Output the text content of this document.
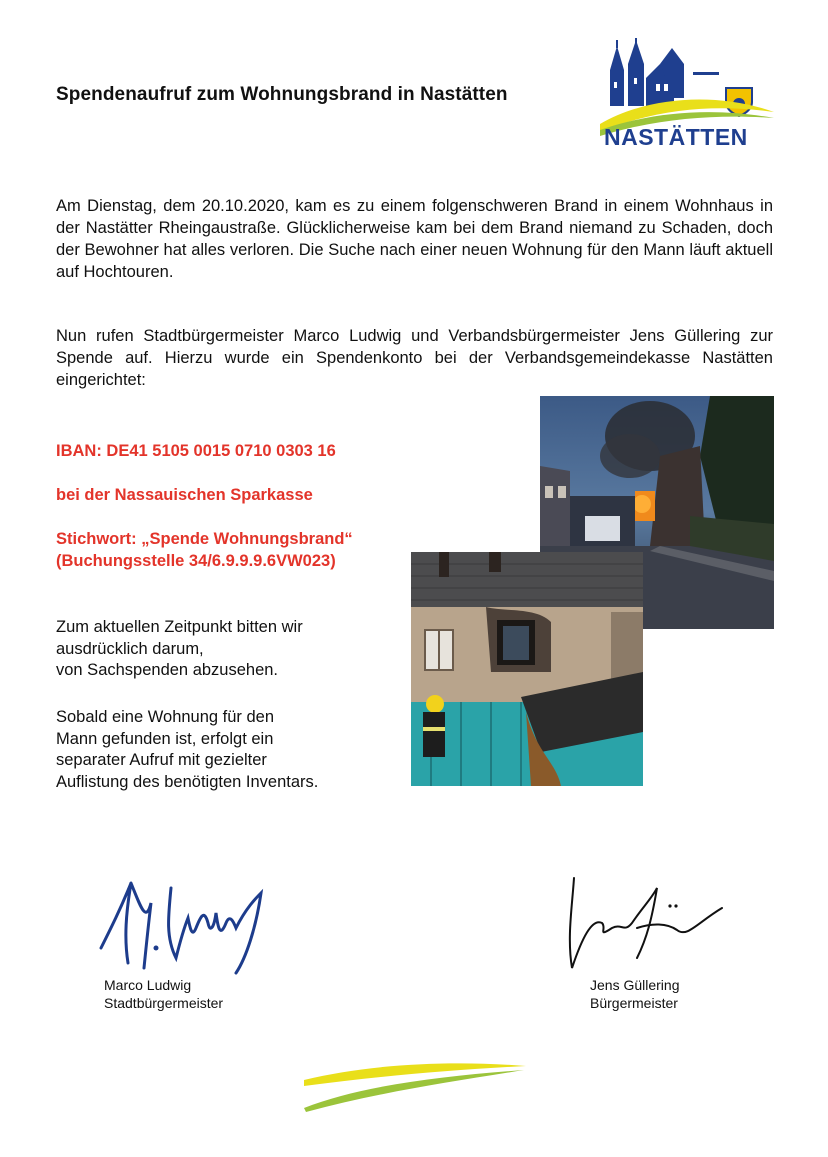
Spendenaufruf zum Wohnungsbrand in Nastätten
NASTÄTTEN
Am Dienstag, dem 20.10.2020, kam es zu einem folgenschweren Brand in einem Wohnhaus in der Nastätter Rheingaustraße. Glücklicherweise kam bei dem Brand niemand zu Schaden, doch der Bewohner hat alles verloren. Die Suche nach einer neuen Wohnung für den Mann läuft aktuell auf Hochtouren.
Nun rufen Stadtbürgermeister Marco Ludwig und Verbandsbürgermeister Jens Güllering zur Spende auf. Hierzu wurde ein Spendenkonto bei der Verbandsgemeindekasse Nastätten eingerichtet:
IBAN: DE41 5105 0015 0710 0303 16
bei der Nassauischen Sparkasse
Stichwort: „Spende Wohnungsbrand“
(Buchungsstelle 34/6.9.9.9.6VW023)
Zum aktuellen Zeitpunkt bitten wir
ausdrücklich darum,
von Sachspenden abzusehen.
Sobald eine Wohnung für den
Mann gefunden ist, erfolgt ein
separater Aufruf mit gezielter
Auflistung des benötigten Inventars.
Marco Ludwig
Stadtbürgermeister
Jens Güllering
Bürgermeister
